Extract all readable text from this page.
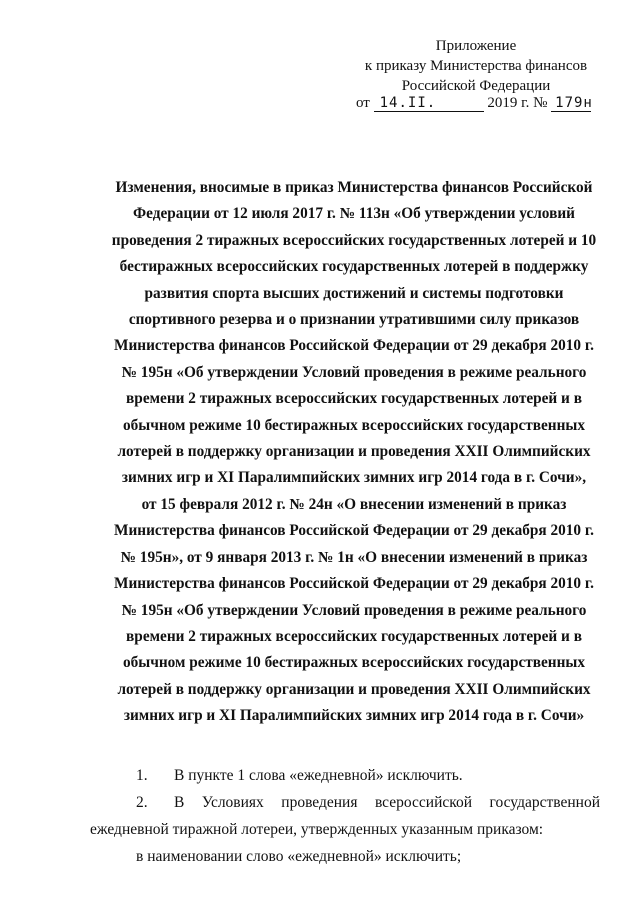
Приложение
к приказу Министерства финансов
Российской Федерации
от 14.II.	2019 г. № 179н
Изменения, вносимые в приказ Министерства финансов Российской
Федерации от 12 июля 2017 г. № 113н «Об утверждении условий
проведения 2 тиражных всероссийских государственных лотерей и 10
бестиражных всероссийских государственных лотерей в поддержку
развития спорта высших достижений и системы подготовки
спортивного резерва и о признании утратившими силу приказов
Министерства финансов Российской Федерации от 29 декабря 2010 г.
№ 195н «Об утверждении Условий проведения в режиме реального
времени 2 тиражных всероссийских государственных лотерей и в
обычном режиме 10 бестиражных всероссийских государственных
лотерей в поддержку организации и проведения XXII Олимпийских
зимних игр и XI Паралимпийских зимних игр 2014 года в г. Сочи»,
от 15 февраля 2012 г. № 24н «О внесении изменений в приказ
Министерства финансов Российской Федерации от 29 декабря 2010 г.
№ 195н», от 9 января 2013 г. № 1н «О внесении изменений в приказ
Министерства финансов Российской Федерации от 29 декабря 2010 г.
№ 195н «Об утверждении Условий проведения в режиме реального
времени 2 тиражных всероссийских государственных лотерей и в
обычном режиме 10 бестиражных всероссийских государственных
лотерей в поддержку организации и проведения XXII Олимпийских
зимних игр и XI Паралимпийских зимних игр 2014 года в г. Сочи»
1. В пункте 1 слова «ежедневной» исключить.
2. В Условиях проведения всероссийской государственной
ежедневной тиражной лотереи, утвержденных указанным приказом:
в наименовании слово «ежедневной» исключить;
